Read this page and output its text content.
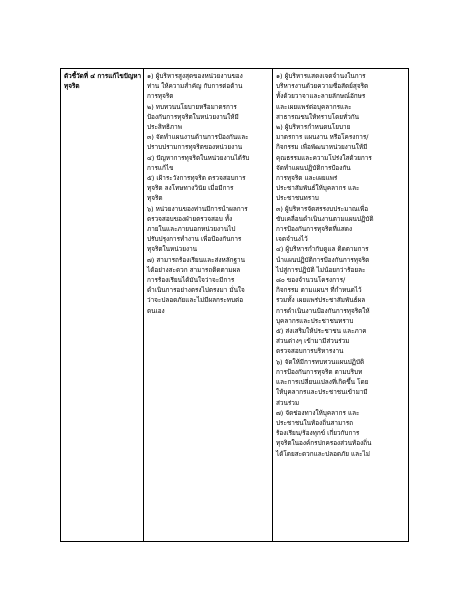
ตัวชี้วัดที่ ๔ การแก้ไขปัญหา
ทุจริต

๑) ผู้บริหารสูงสุดของหน่วยงานของ
ท่าน ให้ความสำคัญ กับการต่อต้าน
การทุจริต
๒) ทบทวนนโยบายหรือมาตรการ
ป้องกันการทุจริตในหน่วยงานให้มี
ประสิทธิภาพ
๓) จัดทำแผนงานด้านการป้องกันและ
ปราบปรามการทุจริตของหน่วยงาน
๔) ปัญหาการทุจริตในหน่วยงานได้รับ
การแก้ไข
๕) เฝ้าระวังการทุจริต ตรวจสอบการ
ทุจริต ลงโทษทางวินัย เมื่อมีการ
ทุจริต
๖) หน่วยงานของท่านมีการนำผลการ
ตรวจสอบของฝ่ายตรวจสอบ ทั้ง
ภายในและภายนอกหน่วยงานไป
ปรับปรุงการทำงาน เพื่อป้องกันการ
ทุจริตในหน่วยงาน
๗) สามารถร้องเรียนและส่งหลักฐาน
ได้อย่างสะดวก สามารถติดตามผล
การร้องเรียนได้มันใจว่าจะมีการ
ดำเนินการอย่างตรงไปตรงมา มั่นใจ
ว่าจะปลอดภัยและไม่มีผลกระทบต่อ
ตนเอง

๑) ผู้บริหารแสดงเจตจำนงในการ
บริหารงานด้วยความซื่อสัตย์สุจริต
ทั้งด้วยวาจาและลายลักษณ์อักษร
และเผยแพร่ต่อบุคลากรและ
สาธารณชนให้ทราบโดยทั่วกัน
๒) ผู้บริหารกำหนดนโยบาย
มาตรการ แผนงาน หรือโครงการ/
กิจกรรม เพื่อพัฒนาหน่วยงานให้มี
คุณธรรมและความโปร่งใสด้วยการ
จัดทำแผนปฏิบัติการป้องกัน
การทุจริต และเผยแพร่
ประชาสัมพันธ์ให้บุคลากร และ
ประชาชนทราบ
๓) ผู้บริหารจัดสรรงบประมาณเพื่อ
ขับเคลื่อนดำเนินงานตามแผนปฏิบัติ
การป้องกันการทุจริตที่แสดง
เจตจำนงไว้
๔) ผู้บริหารกำกับดูแล ติดตามการ
นำแผนปฏิบัติการป้องกันการทุจริต
ไปสู่การปฏิบัติ ไม่น้อยกว่าร้อยละ
๘๐ ของจำนวนโครงการ/
กิจกรรม ตามแผนฯ ที่กำหนดไว้
รวมทั้ง เผยแพร่ประชาสัมพันธ์ผล
การดำเนินงานป้องกันการทุจริตให้
บุคลากรและประชาชนทราบ
๕) ส่งเสริมให้ประชาชน และภาค
ส่วนต่างๆ เข้ามามีส่วนร่วม
ตรวจสอบการบริหารงาน
๖) จัดให้มีการทบทวนแผนปฏิบัติ
การป้องกันการทุจริต ตามบริบท
และการเปลี่ยนแปลงที่เกิดขึ้น โดย
ให้บุคลากรและประชาชนเข้ามามี
ส่วนร่วม
๗) จัดช่องทางให้บุคลากร และ
ประชาชนในท้องถิ่นสามารถ
ร้องเรียน/ร้องทุกข์ เกี่ยวกับการ
ทุจริตในองค์กรปกครองส่วนท้องถิ่น
ได้โดยสะดวกและปลอดภัย และไม่
